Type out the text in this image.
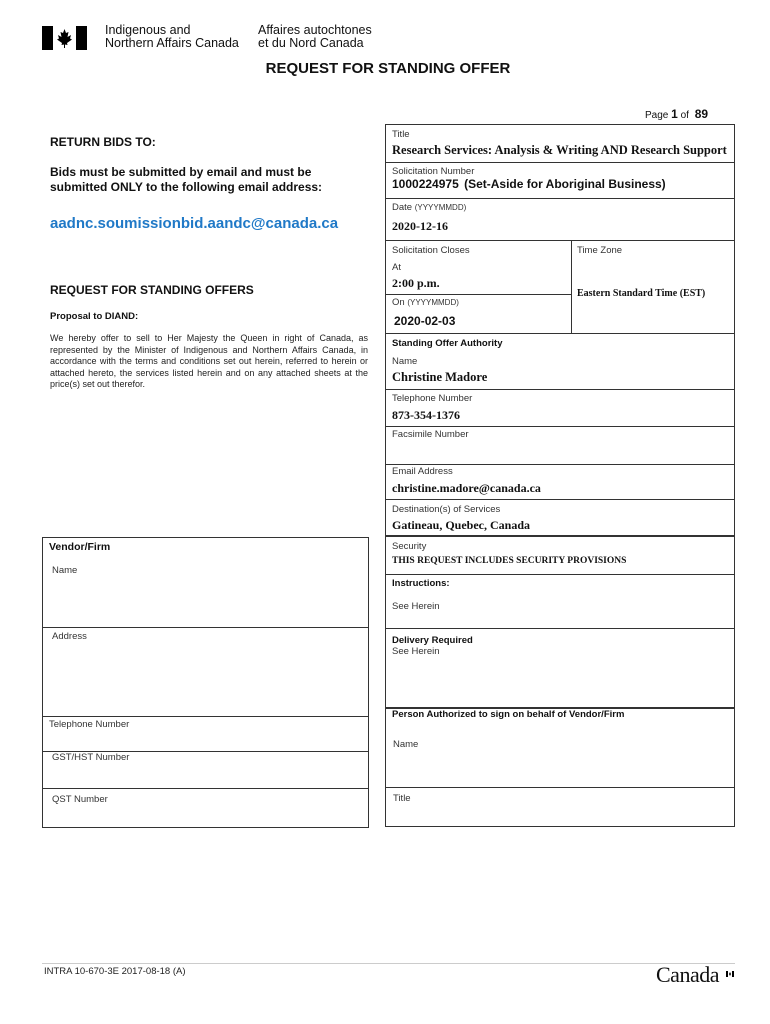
Indigenous and
Northern Affairs Canada
Affaires autochtones
et du Nord Canada
REQUEST FOR STANDING OFFER
Page 1 of 89
RETURN BIDS TO:
Bids must be submitted by email and must be
submitted ONLY to the following email address:
aadnc.soumissionbid.aandc@canada.ca
REQUEST FOR STANDING OFFERS
Proposal to DIAND:
We hereby offer to sell to Her Majesty the Queen in right of Canada, as represented by the Minister of Indigenous and Northern Affairs Canada, in accordance with the terms and conditions set out herein, referred to herein or attached hereto, the services listed herein and on any attached sheets at the price(s) set out therefor.
Vendor/Firm
Name
Address
Telephone Number
GST/HST Number
QST Number
Title
Research Services: Analysis & Writing AND Research Support
Solicitation Number
1000224975 (Set-Aside for Aboriginal Business)
Date (YYYYMMDD)
2020-12-16
Solicitation Closes
At
2:00 p.m.
On (YYYYMMDD)
2020-02-03
Time Zone
Eastern Standard Time (EST)
Standing Offer Authority
Name
Christine Madore
Telephone Number
873-354-1376
Facsimile Number
Email Address
christine.madore@canada.ca
Destination(s) of Services
Gatineau, Quebec, Canada
Security
THIS REQUEST INCLUDES SECURITY PROVISIONS
Instructions:
See Herein
Delivery Required
See Herein
Person Authorized to sign on behalf of Vendor/Firm
Name
Title
INTRA 10-670-3E 2017-08-18 (A)	Canada
